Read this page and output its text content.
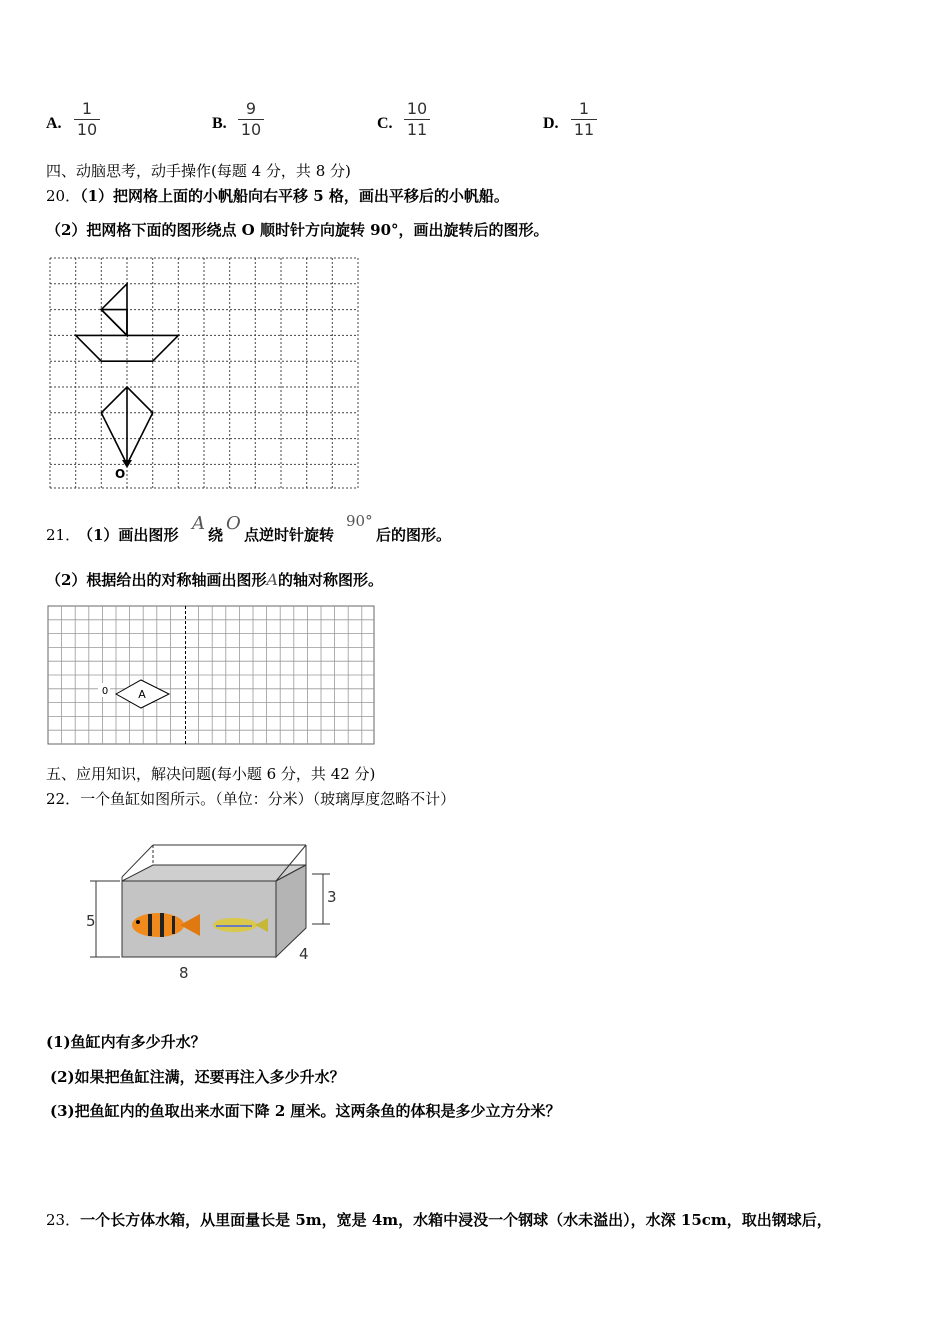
A.
1
10	B.
9
10	C.
10
11	D.
1
11
四、动脑思考，动手操作(每题 4 分，共 8 分)
20．（1）把网格上面的小帆船向右平移 5 格，画出平移后的小帆船。
（2）把网格下面的图形绕点 O 顺时针方向旋转 90°，画出旋转后的图形。
O
21．
（1）画出图形
A
绕
O
点逆时针旋转
90°
后的图形。
（2）根据给出的对称轴画出图形A的轴对称图形。
0	A
五、应用知识，解决问题(每小题 6 分，共 42 分)
22．一个鱼缸如图所示。（单位：分米）（玻璃厚度忽略不计）
5
3
4
8
(1)鱼缸内有多少升水？
(2)如果把鱼缸注满，还要再注入多少升水？
(3)把鱼缸内的鱼取出来水面下降 2 厘米。这两条鱼的体积是多少立方分米？
23．一个长方体水箱，从里面量长是 5m，宽是 4m，水箱中浸没一个钢球（水未溢出），水深 15cm，取出钢球后，
